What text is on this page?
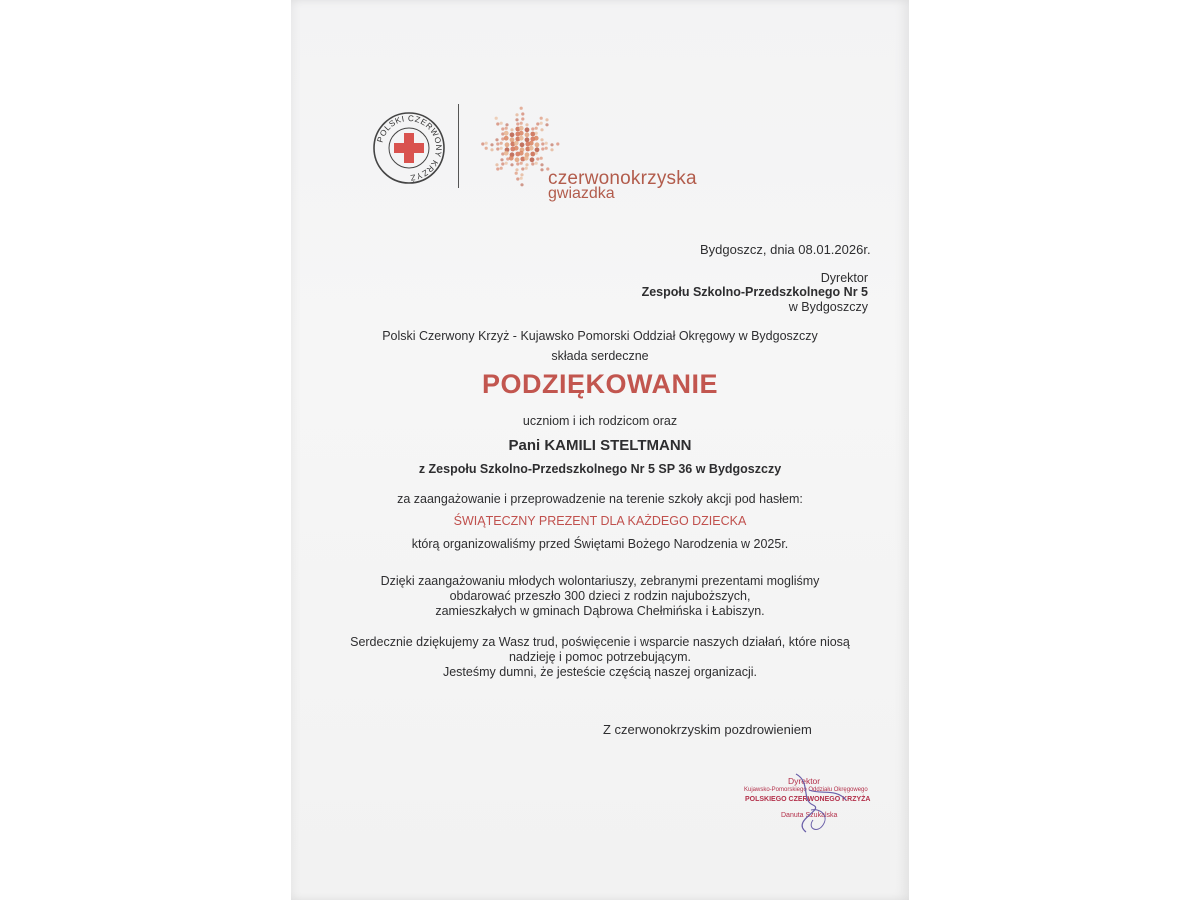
POLSKI CZERWONY KRZYŻ	czerwonokrzyska
gwiazdka
Bydgoszcz, dnia 08.01.2026r.
Dyrektor
Zespołu Szkolno-Przedszkolnego Nr 5
w Bydgoszczy
Polski Czerwony Krzyż - Kujawsko Pomorski Oddział Okręgowy w Bydgoszczy
składa serdeczne
PODZIĘKOWANIE
uczniom i ich rodzicom oraz
Pani KAMILI STELTMANN
z Zespołu Szkolno-Przedszkolnego Nr 5 SP 36 w Bydgoszczy
za zaangażowanie i przeprowadzenie na terenie szkoły akcji pod hasłem:
ŚWIĄTECZNY PREZENT DLA KAŻDEGO DZIECKA
którą organizowaliśmy przed Świętami Bożego Narodzenia w 2025r.
Dzięki zaangażowaniu młodych wolontariuszy, zebranymi prezentami mogliśmy
obdarować przeszło 300 dzieci z rodzin najuboższych,
zamieszkałych w gminach Dąbrowa Chełmińska i Łabiszyn.
Serdecznie dziękujemy za Wasz trud, poświęcenie i wsparcie naszych działań, które niosą
nadzieję i pomoc potrzebującym.
Jesteśmy dumni, że jesteście częścią naszej organizacji.
Z czerwonokrzyskim pozdrowieniem
Dyrektor
Kujawsko-Pomorskiego Oddziału Okręgowego
POLSKIEGO CZERWONEGO KRZYŻA
Danuta Szukalska
